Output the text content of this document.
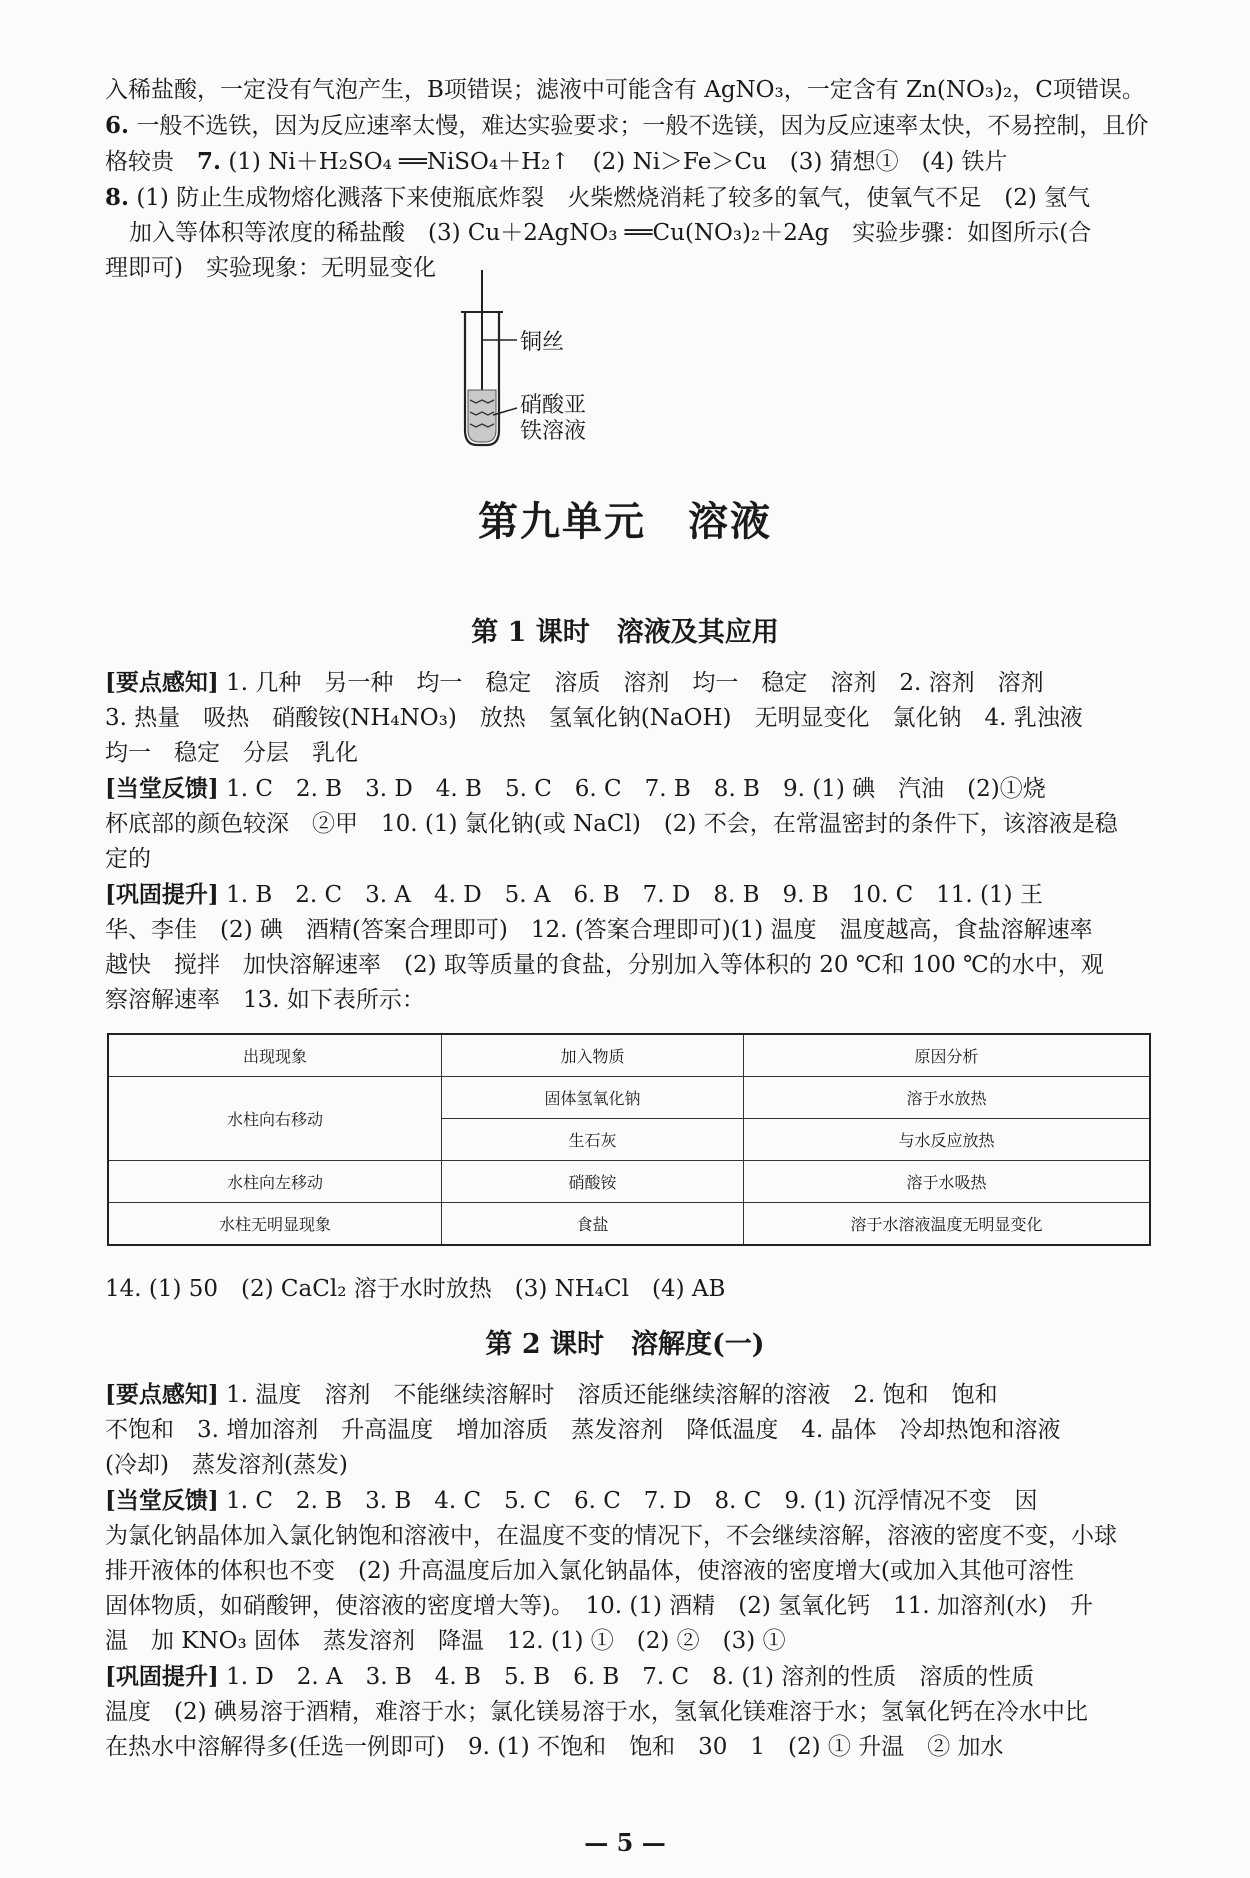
入稀盐酸，一定没有气泡产生，B项错误；滤液中可能含有 AgNO₃，一定含有 Zn(NO₃)₂，C项错误。

6. 一般不选铁，因为反应速率太慢，难达实验要求；一般不选镁，因为反应速率太快，不易控制，且价

格较贵　7. (1) Ni＋H₂SO₄ ══NiSO₄＋H₂↑　(2) Ni＞Fe＞Cu　(3) 猜想①　(4) 铁片

8. (1) 防止生成物熔化溅落下来使瓶底炸裂　火柴燃烧消耗了较多的氧气，使氧气不足　(2) 氢气

加入等体积等浓度的稀盐酸　(3) Cu＋2AgNO₃ ══Cu(NO₃)₂＋2Ag　实验步骤：如图所示(合

理即可)　实验现象：无明显变化

铜丝
硝酸亚
铁溶液
第九单元　溶液
第 1 课时　溶液及其应用

[要点感知] 1. 几种　另一种　均一　稳定　溶质　溶剂　均一　稳定　溶剂　2. 溶剂　溶剂

3. 热量　吸热　硝酸铵(NH₄NO₃)　放热　氢氧化钠(NaOH)　无明显变化　氯化钠　4. 乳浊液

均一　稳定　分层　乳化

[当堂反馈] 1. C　2. B　3. D　4. B　5. C　6. C　7. B　8. B　9. (1) 碘　汽油　(2)①烧

杯底部的颜色较深　②甲　10. (1) 氯化钠(或 NaCl)　(2) 不会，在常温密封的条件下，该溶液是稳

定的

[巩固提升] 1. B　2. C　3. A　4. D　5. A　6. B　7. D　8. B　9. B　10. C　11. (1) 王

华、李佳　(2) 碘　酒精(答案合理即可)　12. (答案合理即可)(1) 温度　温度越高，食盐溶解速率

越快　搅拌　加快溶解速率　(2) 取等质量的食盐，分别加入等体积的 20 ℃和 100 ℃的水中，观

察溶解速率　13. 如下表所示：

出现现象	加入物质	原因分析
水柱向右移动	固体氢氧化钠	溶于水放热
	生石灰	与水反应放热
水柱向左移动	硝酸铵	溶于水吸热
水柱无明显现象	食盐	溶于水溶液温度无明显变化

14. (1) 50　(2) CaCl₂ 溶于水时放热　(3) NH₄Cl　(4) AB

第 2 课时　溶解度(一)

[要点感知] 1. 温度　溶剂　不能继续溶解时　溶质还能继续溶解的溶液　2. 饱和　饱和

不饱和　3. 增加溶剂　升高温度　增加溶质　蒸发溶剂　降低温度　4. 晶体　冷却热饱和溶液

(冷却)　蒸发溶剂(蒸发)

[当堂反馈] 1. C　2. B　3. B　4. C　5. C　6. C　7. D　8. C　9. (1) 沉浮情况不变　因

为氯化钠晶体加入氯化钠饱和溶液中，在温度不变的情况下，不会继续溶解，溶液的密度不变，小球

排开液体的体积也不变　(2) 升高温度后加入氯化钠晶体，使溶液的密度增大(或加入其他可溶性

固体物质，如硝酸钾，使溶液的密度增大等)。　10. (1) 酒精　(2) 氢氧化钙　11. 加溶剂(水)　升

温　加 KNO₃ 固体　蒸发溶剂　降温　12. (1) ①　(2) ②　(3) ①

[巩固提升] 1. D　2. A　3. B　4. B　5. B　6. B　7. C　8. (1) 溶剂的性质　溶质的性质

温度　(2) 碘易溶于酒精，难溶于水；氯化镁易溶于水，氢氧化镁难溶于水；氢氧化钙在冷水中比

在热水中溶解得多(任选一例即可)　9. (1) 不饱和　饱和　30　1　(2) ① 升温　② 加水

— 5 —
